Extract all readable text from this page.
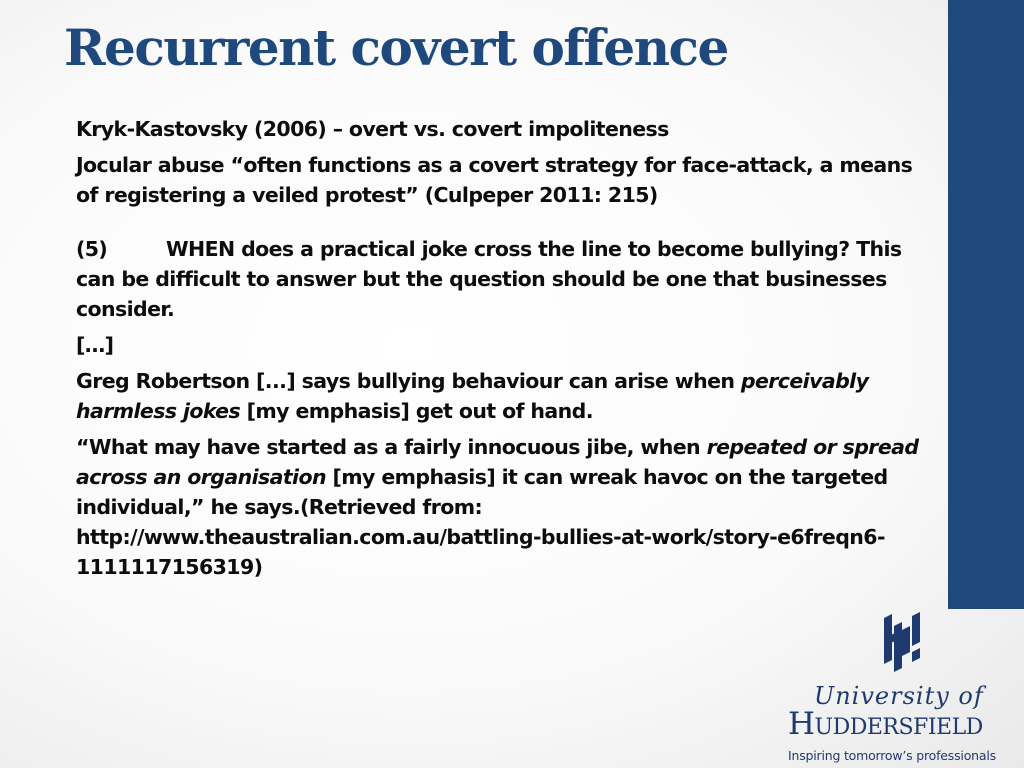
Recurrent covert offence

Kryk-Kastovsky (2006) – overt vs. covert impoliteness

Jocular abuse “often functions as a covert strategy for face-attack, a means of registering a veiled protest” (Culpeper 2011: 215)

(5)	WHEN does a practical joke cross the line to become bullying? This can be difficult to answer but the question should be one that businesses consider.

[…]

Greg Robertson [...] says bullying behaviour can arise when perceivably harmless jokes [my emphasis] get out of hand.

“What may have started as a fairly innocuous jibe, when repeated or spread across an organisation [my emphasis] it can wreak havoc on the targeted individual,” he says.(Retrieved from: http://www.theaustralian.com.au/battling-bullies-at-work/story-e6freqn6-1111117156319)

University of
Huddersfield
Inspiring tomorrow’s professionals
